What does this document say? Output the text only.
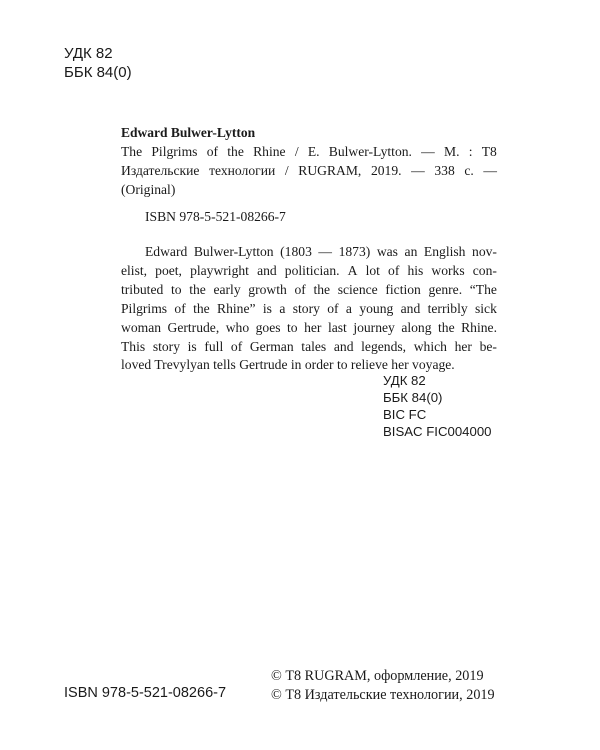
УДК 82
ББК 84(0)
Edward Bulwer-Lytton
The Pilgrims of the Rhine / E. Bulwer-Lytton. — М. : Т8
Издательские технологии / RUGRAM, 2019. — 338 с. —
(Original)
ISBN 978-5-521-08266-7
Edward Bulwer-Lytton (1803 — 1873) was an English nov-
elist, poet, playwright and politician. A lot of his works con-
tributed to the early growth of the science fiction genre. “The
Pilgrims of the Rhine” is a story of a young and terribly sick
woman Gertrude, who goes to her last journey along the Rhine.
This story is full of German tales and legends, which her be-
loved Trevylyan tells Gertrude in order to relieve her voyage.
УДК 82
ББК 84(0)
BIC FC
BISAC FIC004000
ISBN 978-5-521-08266-7
© Т8 RUGRAM, оформление, 2019
© Т8 Издательские технологии, 2019
